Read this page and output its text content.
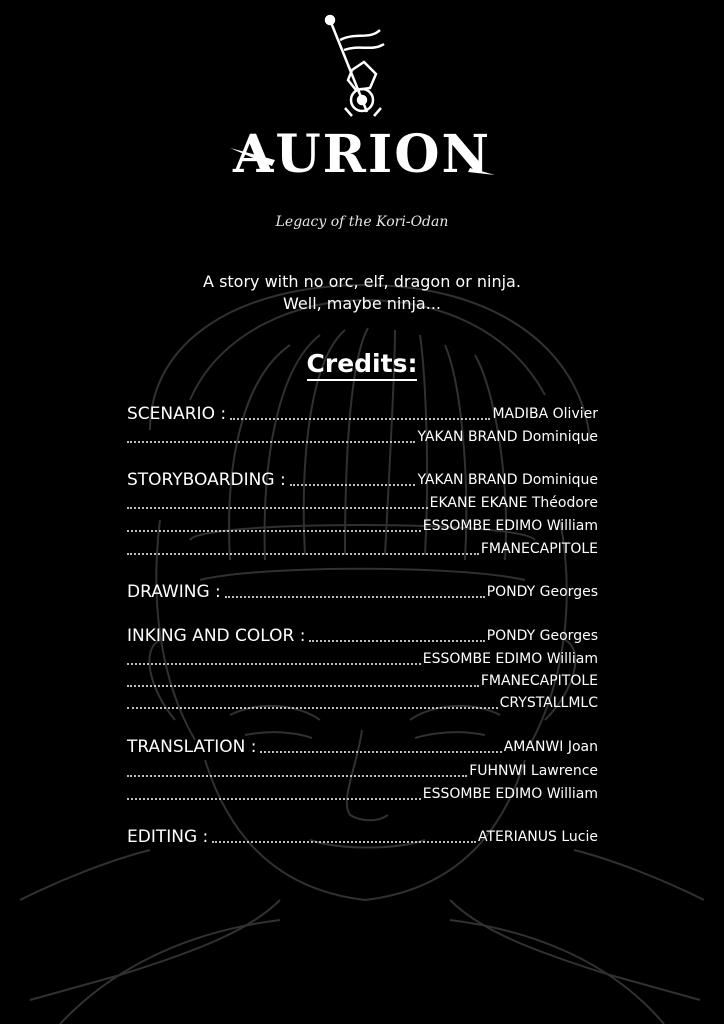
AURION
Legacy of the Kori-Odan
A story with no orc, elf, dragon or ninja.
Well, maybe ninja...
Credits:
SCENARIO :	MADIBA Olivier
YAKAN BRAND Dominique
STORYBOARDING :	YAKAN BRAND Dominique
EKANE EKANE Théodore
ESSOMBE EDIMO William
FMANECAPITOLE
DRAWING :	PONDY Georges
INKING AND COLOR :	PONDY Georges
ESSOMBE EDIMO William
FMANECAPITOLE
CRYSTALLMLC
TRANSLATION :	AMANWI Joan
FUHNWI Lawrence
ESSOMBE EDIMO William
EDITING :	ATERIANUS Lucie
